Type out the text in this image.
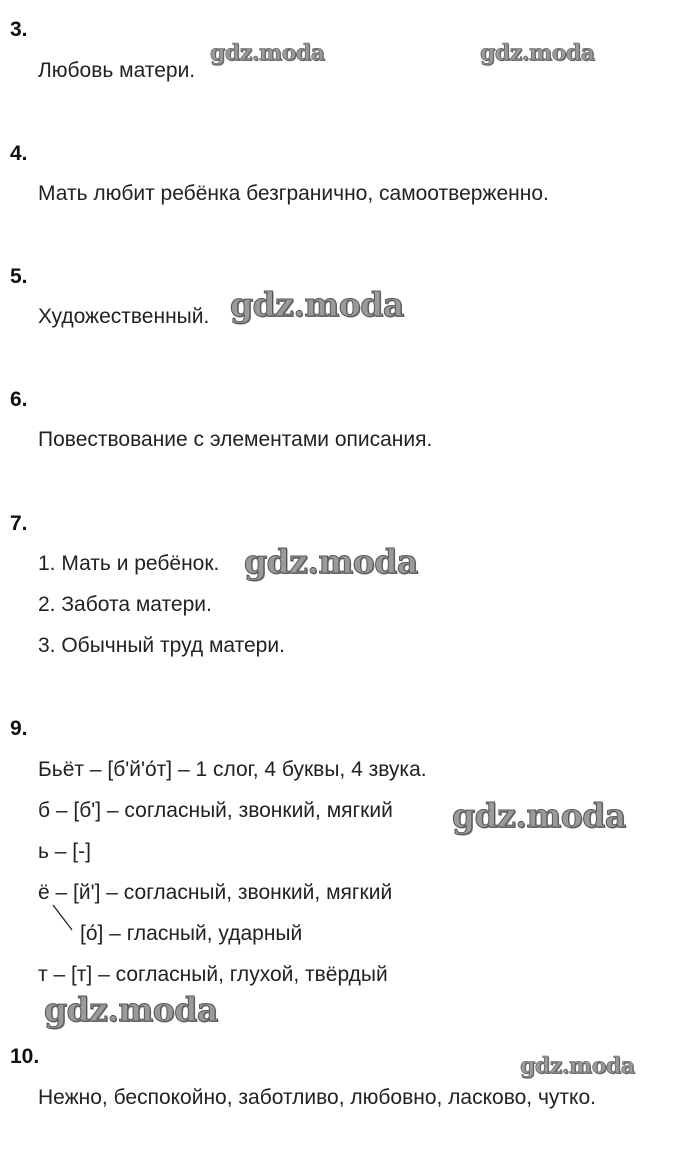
3.
Любовь матери.
4.
Мать любит ребёнка безгранично, самоотверженно.
5.
Художественный.
6.
Повествование с элементами описания.
7.
1. Мать и ребёнок.
2. Забота матери.
3. Обычный труд матери.
9.
Бьёт – [б'й'о́т] – 1 слог, 4 буквы, 4 звука.
б – [б'] – согласный, звонкий, мягкий
ь – [-]
ё – [й'] – согласный, звонкий, мягкий
[о́] – гласный, ударный
т – [т] – согласный, глухой, твёрдый
10.
Нежно, беспокойно, заботливо, любовно, ласково, чутко.
gdz.moda	gdz.moda
gdz.moda
gdz.moda
gdz.moda
gdz.moda
gdz.moda
